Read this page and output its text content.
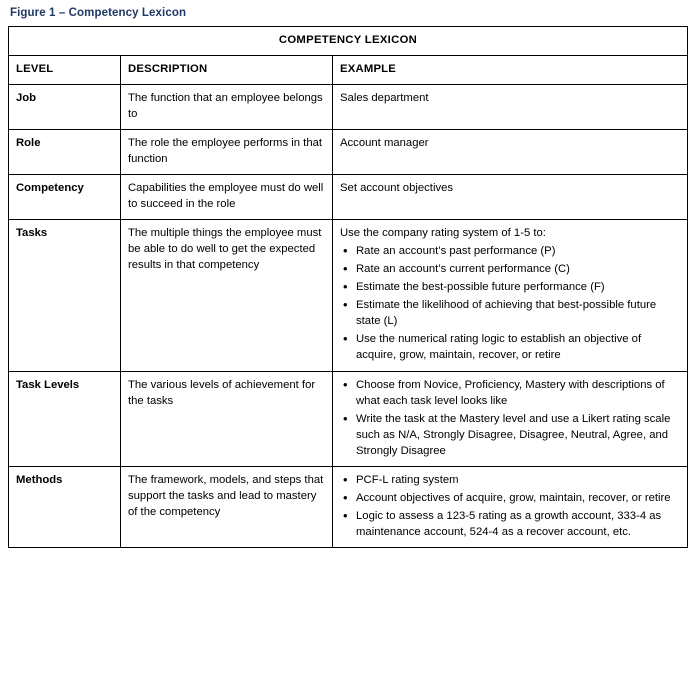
Figure 1 – Competency Lexicon
COMPETENCY LEXICON		
LEVEL	DESCRIPTION	EXAMPLE
Job	The function that an employee belongs to	Sales department

Role	The role the employee performs in that function	Account manager

Competency	Capabilities the employee must do well to succeed in the role	Set account objectives

Tasks	The multiple things the employee must be able to do well to get the expected results in that competency	
Use the company rating system of 1-5 to:
• Rate an account’s past performance (P)
• Rate an account’s current performance (C)
• Estimate the best-possible future performance (F)
• Estimate the likelihood of achieving that best-possible future state (L)
• Use the numerical rating logic to establish an objective of acquire, grow, maintain, recover, or retire

Task Levels	The various levels of achievement for the tasks	
• Choose from Novice, Proficiency, Mastery with descriptions of what each task level looks like
• Write the task at the Mastery level and use a Likert rating scale such as N/A, Strongly Disagree, Disagree, Neutral, Agree, and Strongly Disagree

Methods	The framework, models, and steps that support the tasks and lead to mastery of the competency	
• PCF-L rating system
• Account objectives of acquire, grow, maintain, recover, or retire
• Logic to assess a 123-5 rating as a growth account, 333-4 as maintenance account, 524-4 as a recover account, etc.
